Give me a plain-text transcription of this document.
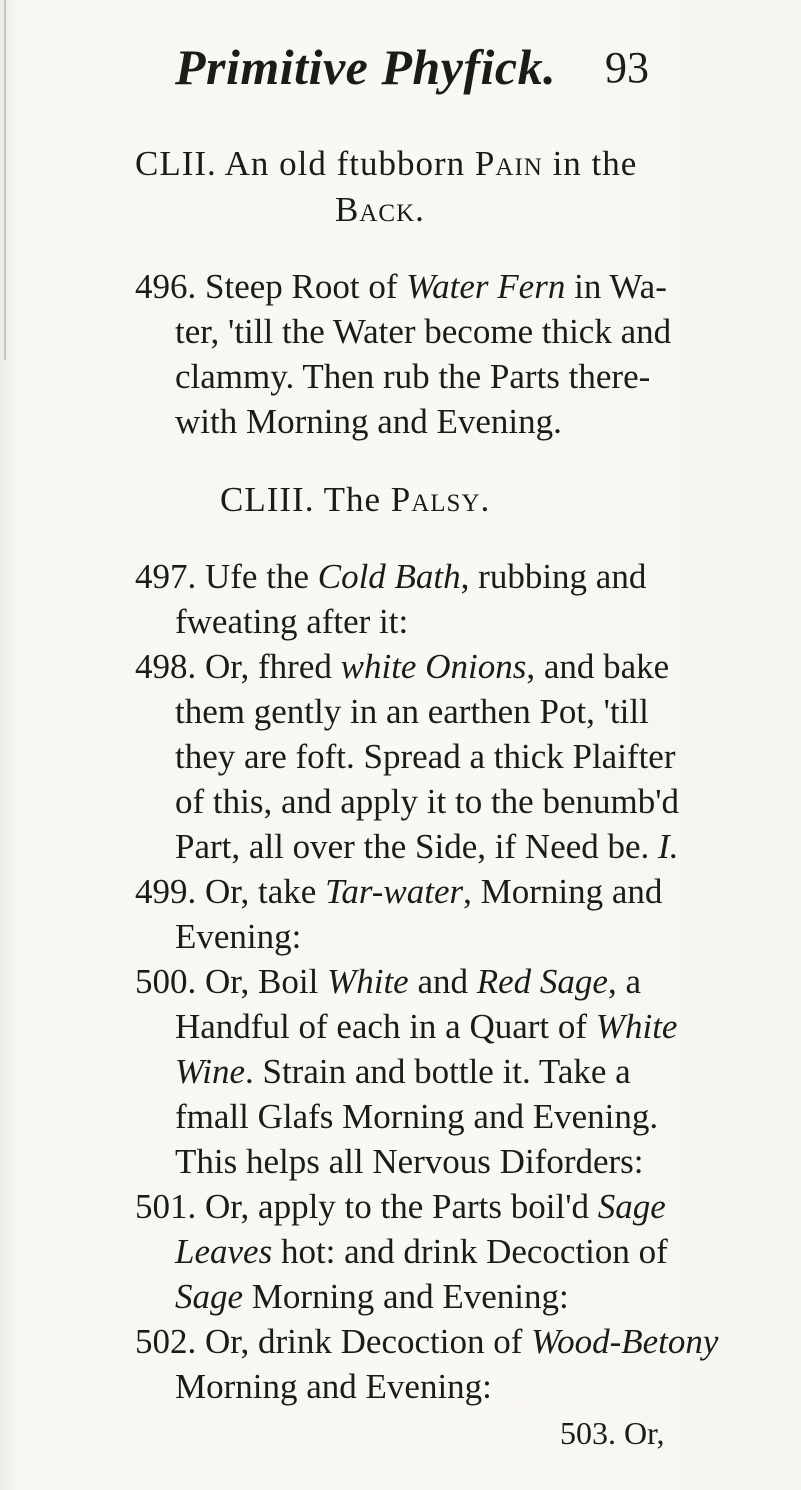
Primitive Phyfick. 93
CLII. An old ftubborn Pain in the
Back.
496. Steep Root of Water Fern in Wa-
ter, 'till the Water become thick and
clammy. Then rub the Parts there-
with Morning and Evening.
CLIII. The Palsy.
497. Ufe the Cold Bath, rubbing and
fweating after it:
498. Or, fhred white Onions, and bake
them gently in an earthen Pot, 'till
they are foft. Spread a thick Plaifter
of this, and apply it to the benumb'd
Part, all over the Side, if Need be. I.
499. Or, take Tar-water, Morning and
Evening:
500. Or, Boil White and Red Sage, a
Handful of each in a Quart of White
Wine. Strain and bottle it. Take a
fmall Glafs Morning and Evening.
This helps all Nervous Diforders:
501. Or, apply to the Parts boil'd Sage
Leaves hot: and drink Decoction of
Sage Morning and Evening:
502. Or, drink Decoction of Wood-Betony
Morning and Evening:
503. Or,
